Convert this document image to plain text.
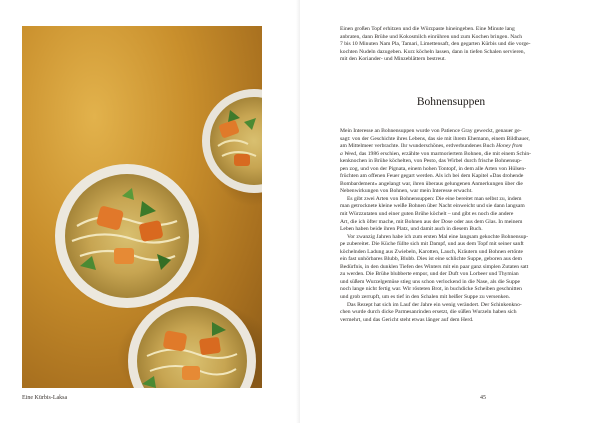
Eine Kürbis-Laksa
Einen großen Topf erhitzen und die Würzpaste hineingeben. Eine Minute lang
anbraten, dann Brühe und Kokosmilch einrühren und zum Kochen bringen. Nach
7 bis 10 Minuten Nam Pla, Tamari, Limettensaft, den gegarten Kürbis und die vorge-
kochten Nudeln dazugeben. Kurz köcheln lassen, dann in tiefen Schalen servieren,
mit den Koriander- und Minzeblättern bestreut.
Bohnensuppen
Mein Interesse an Bohnensuppen wurde von Patience Gray geweckt, genauer ge-
sagt: von der Geschichte ihres Lebens, das sie mit ihrem Ehemann, einem Bildhauer,
am Mittelmeer verbrachte. Ihr wunderschönes, erdverbundenes Buch Honey from
a Weed, das 1986 erschien, erzählte von marmoriertem Bohnen, die mit einem Schin-
kenknochen in Brühe köchelten, von Pesto, das Wirbel durch frische Bohnensup-
pen zog, und von der Pignata, einem hohen Tontopf, in dem alle Arten von Hülsen-
früchten am offenen Feuer gegart werden. Als ich bei dem Kapitel »Das drohende
Bombardement« angelangt war, ihren überaus gelungenen Anmerkungen über die
Nebenwirkungen von Bohnen, war mein Interesse erwacht.
Es gibt zwei Arten von Bohnensuppen: Die eine bereitet man selbst zu, indem
man getrocknete kleine weiße Bohnen über Nacht einweicht und sie dann langsam
mit Würzzutaten und einer guten Brühe köchelt – und gibt es noch die andere
Art, die ich öfter mache, mit Bohnen aus der Dose oder aus dem Glas. In meinem
Leben haben beide ihren Platz, und damit auch in diesem Buch.
Vor zwanzig Jahren habe ich zum ersten Mal eine langsam gekochte Bohnensup-
pe zubereitet. Die Küche füllte sich mit Dampf, und aus dem Topf mit seiner sanft
köchelnden Ladung aus Zwiebeln, Karotten, Lauch, Kräutern und Bohnen ertönte
ein fast unhörbares Blubb, Blubb. Dies ist eine schlichte Suppe, geboren aus dem
Bedürfnis, in den dunklen Tiefen des Winters mit ein paar ganz simplen Zutaten satt
zu werden. Die Brühe blubberte empor, und der Duft von Lorbeer und Thymian
und süßem Wurzelgemüse stieg uns schon verlockend in die Nase, als die Suppe
noch lange nicht fertig war. Wir rösteten Brot, in buchdicke Scheiben geschnitten
und grob zerrupft, um es tief in den Schalen mit heißer Suppe zu versenken.
Das Rezept hat sich im Lauf der Jahre ein wenig verändert. Der Schinkenkno-
chen wurde durch dicke Parmesanrinden ersetzt, die süßen Wurzeln haben sich
vermehrt, und das Gericht steht etwas länger auf dem Herd.
45
